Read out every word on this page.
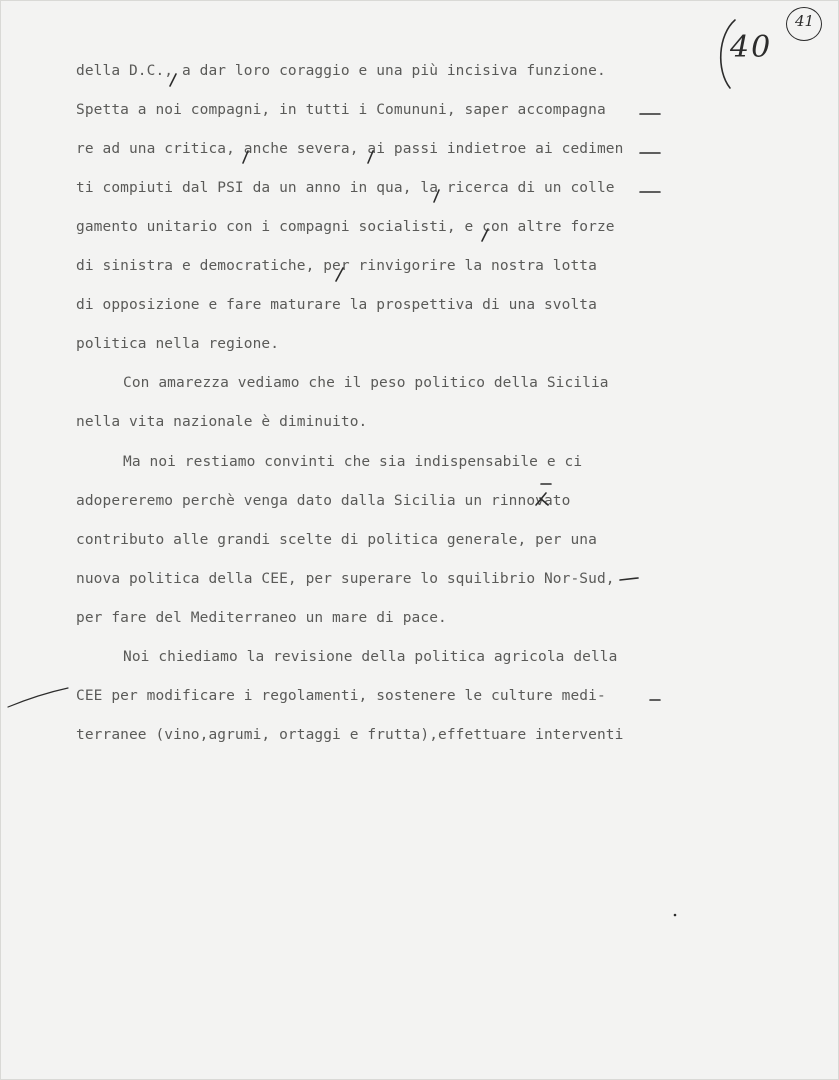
40

41

della D.C., a dar loro coraggio e una più incisiva funzione.

Spetta a noi compagni, in tutti i Comununi, saper accompagna

re ad una critica, anche severa, ai passi indietroe ai cedimen

ti compiuti dal PSI da un anno in qua, la ricerca di un colle

gamento unitario con i compagni socialisti, e con altre forze

di sinistra e democratiche, per rinvigorire la nostra lotta

di opposizione e fare maturare la prospettiva di una svolta

politica nella regione.

Con amarezza vediamo che il peso politico della Sicilia

nella vita nazionale è diminuito.

Ma noi restiamo convinti che sia indispensabile e ci

adopereremo perchè venga dato dalla Sicilia un rinnovato

contributo alle grandi scelte di politica generale, per una

nuova politica della CEE, per superare lo squilibrio Nor-Sud,

per fare del Mediterraneo un mare di pace.

Noi chiediamo la revisione della politica agricola della

CEE per modificare i regolamenti, sostenere le culture medi-

terranee (vino,agrumi, ortaggi e frutta),effettuare interventi
